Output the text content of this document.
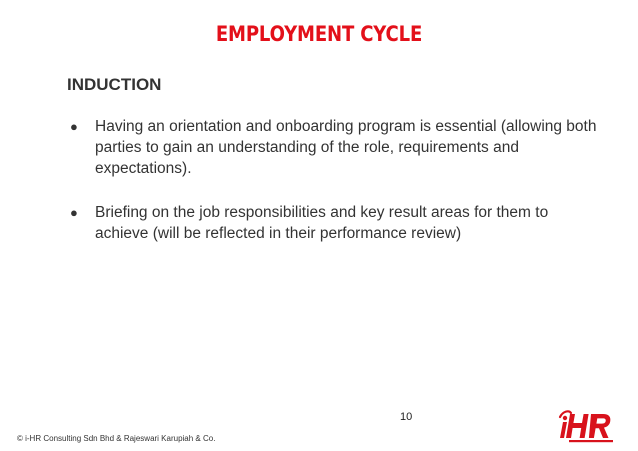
EMPLOYMENT CYCLE
INDUCTION
● Having an orientation and onboarding program is essential (allowing both parties to gain an understanding of the role, requirements and expectations).
● Briefing on the job responsibilities and key result areas for them to achieve (will be reflected in their performance review)
10
© i-HR Consulting Sdn Bhd & Rajeswari Karupiah & Co.
